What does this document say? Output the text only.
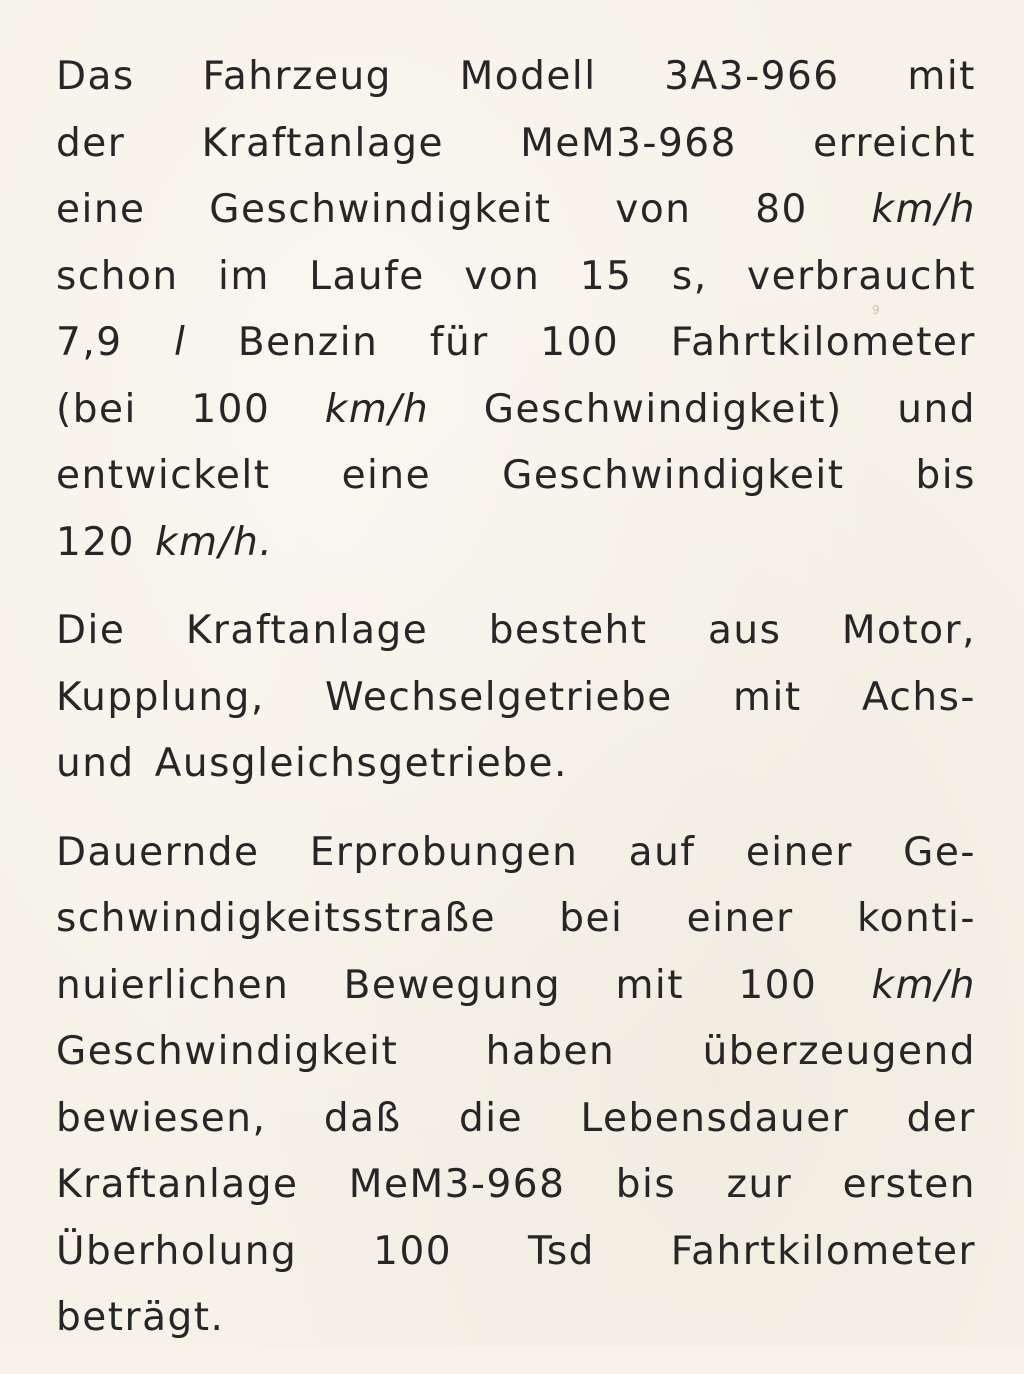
Das Fahrzeug Modell 3A3-966 mit
der Kraftanlage MeM3-968 erreicht
eine Geschwindigkeit von 80 km/h
schon im Laufe von 15 s, verbraucht
7,9 l Benzin für 100 Fahrtkilometer
(bei 100 km/h Geschwindigkeit) und
entwickelt eine Geschwindigkeit bis
120 km/h.
Die Kraftanlage besteht aus Motor,
Kupplung, Wechselgetriebe mit Achs-
und Ausgleichsgetriebe.
Dauernde Erprobungen auf einer Ge-
schwindigkeitsstraße bei einer konti-
nuierlichen Bewegung mit 100 km/h
Geschwindigkeit haben überzeugend
bewiesen, daß die Lebensdauer der
Kraftanlage MeM3-968 bis zur ersten
Überholung 100 Tsd Fahrtkilometer
beträgt.
9
